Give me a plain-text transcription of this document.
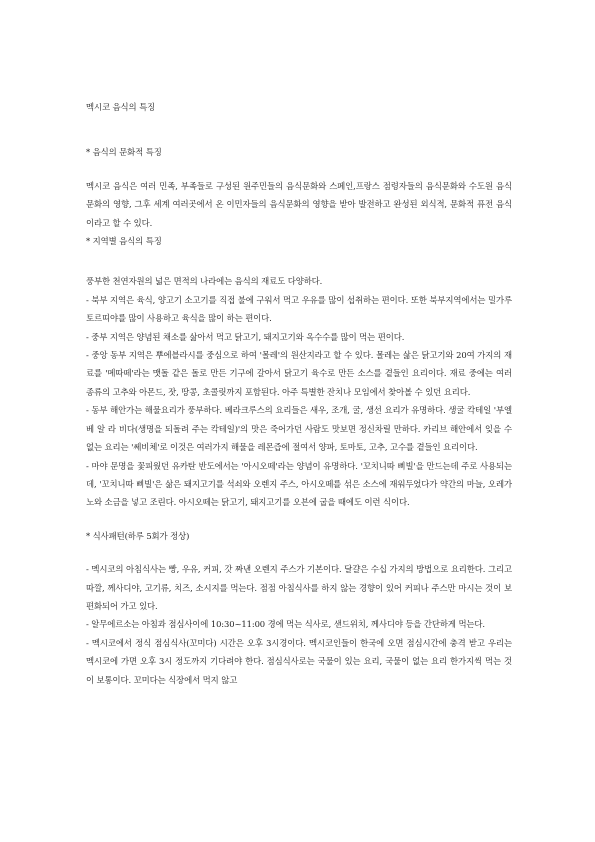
멕시코 음식의 특징

* 음식의 문화적 특징

멕시코 음식은 여러 민족, 부족들로 구성된 원주민들의 음식문화와 스페인,프랑스 점령자들의 음식문화와 수도원 음식문화의 영향, 그후 세계 여러곳에서 온 이민자들의 음식문화의 영향을 받아 발전하고 완성된 외식적, 문화적 퓨전 음식이라고 할 수 있다.

* 지역별 음식의 특징

풍부한 천연자원의 넓은 면적의 나라에는 음식의 재료도 다양하다.

- 북부 지역은 육식, 양고기 소고기를 직접 불에 구워서 먹고 우유를 많이 섭취하는 편이다. 또한 북부지역에서는 밀가루 토르띠야를 많이 사용하고 육식을 많이 하는 편이다.

- 중부 지역은 양념된 채소를 삶아서 먹고 닭고기, 돼지고기와 옥수수를 많이 먹는 편이다.

- 중앙 동부 지역은 뿌에블라시를 중심으로 하여 '몰레'의 원산지라고 할 수 있다. 몰레는 삶은 닭고기와 20여 가지의 재료를 '메따떼'라는 맷돌 같은 돌로 만든 기구에 갈아서 닭고기 육수로 만든 소스를 곁들인 요리이다. 재료 중에는 여러 종류의 고추와 아몬드, 잣, 땅콩, 초콜릿까지 포함된다. 아주 특별한 잔치나 모임에서 찾아볼 수 있던 요리다.

- 동부 해안가는 해물요리가 풍부하다. 베라크루스의 요리들은 새우, 조개, 굴, 생선 요리가 유명하다. 생굴 칵테일 '부엘베 알 라 비다(생명을 되돌려 주는 칵테일)'의 맛은 죽어가던 사람도 맛보면 정신차릴 만하다. 카리브 해안에서 잊을 수 없는 요리는 '쎄비체'로 이것은 여러가지 해물을 레몬즙에 절여서 양파, 토마토, 고추, 고수를 곁들인 요리이다.

- 마야 문명을 꽃피웠던 유카탄 반도에서는 '아시오떼'라는 양념이 유명하다. '꼬치니따 삐빌'을 만드는데 주로 사용되는데, '꼬치니따 삐빌'은 삶은 돼지고기를 석쇠와 오렌지 주스, 아시오떼를 섞은 소스에 재워두었다가 약간의 마늘, 오레가노와 소금을 넣고 조린다. 아시오떼는 닭고기, 돼지고기를 오븐에 굽을 때에도 이런 식이다.

* 식사패턴(하루 5회가 정상)

- 멕시코의 아침식사는 빵, 우유, 커피, 갓 짜낸 오렌지 주스가 기본이다. 달걀은 수십 가지의 방법으로 요리한다. 그리고 따깔, 께사디야, 고기류, 치즈, 소시지를 먹는다. 점점 아침식사를 하지 않는 경향이 있어 커피나 주스만 마시는 것이 보편화되어 가고 있다.

- 알무에르소는 아침과 점심사이에 10:30~11:00 경에 먹는 식사로, 샌드위치, 께사디야 등을 간단하게 먹는다.

- 멕시코에서 정식 점심식사(꼬미다) 시간은 오후 3시경이다. 멕시코인들이 한국에 오면 점심시간에 충격 받고 우리는 멕시코에 가면 오후 3시 정도까지 기다려야 한다. 점심식사로는 국물이 있는 요리, 국물이 없는 요리 한가지씩 먹는 것이 보통이다. 꼬미다는 식장에서 먹지 않고
